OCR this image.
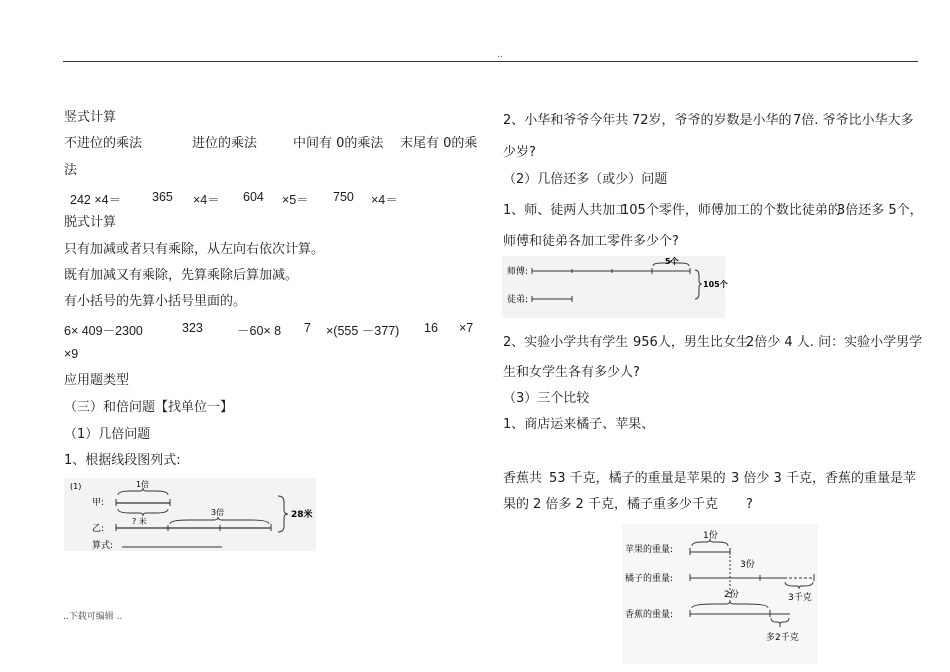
..
竖式计算
不进位的乘法	进位的乘法	中间有 0的乘法 末尾有 0的乘
法
242 ×4＝ 365 ×4＝ 604 ×5＝ 750 ×4＝
脱式计算
只有加减或者只有乘除，从左向右依次计算。
既有加减又有乘除，先算乘除后算加减。
有小括号的先算小括号里面的。
6× 409－2300	323	－60× 8 7 ×(555 －377) 16 ×7
×9
应用题类型
（三）和倍问题【找单位一】
（1）几倍问题
1、根据线段图列式:
(1)
甲:
1倍
? 米
乙:
3倍	28米
算式:
2、小华和爷爷今年共 72岁，爷爷的岁数是小华的 7倍. 爷爷比小华大多
少岁?
（2）几倍还多（或少）问题
1、师、徒两人共加工
105个零件，师傅加工的个数比徒弟的
3倍还多 5个，
师傅和徒弟各加工零件多少个?
师傅:
5个
徒弟:
105个
2、实验小学共有学生 956人，男生比女生
2倍少 4 人. 问：实验小学男学
生和女学生各有多少人?
（3）三个比较
1、商店运来橘子、苹果、
香蕉共 53 千克，橘子的重量是苹果的 3 倍少 3 千克，香蕉的重量是苹
果的 2 倍多 2 千克，橘子重多少千克 ?
苹果的重量:
1份
橘子的重量:
3份
3千克
香蕉的重量:
2份
多2千克
..下载可编辑 ..
